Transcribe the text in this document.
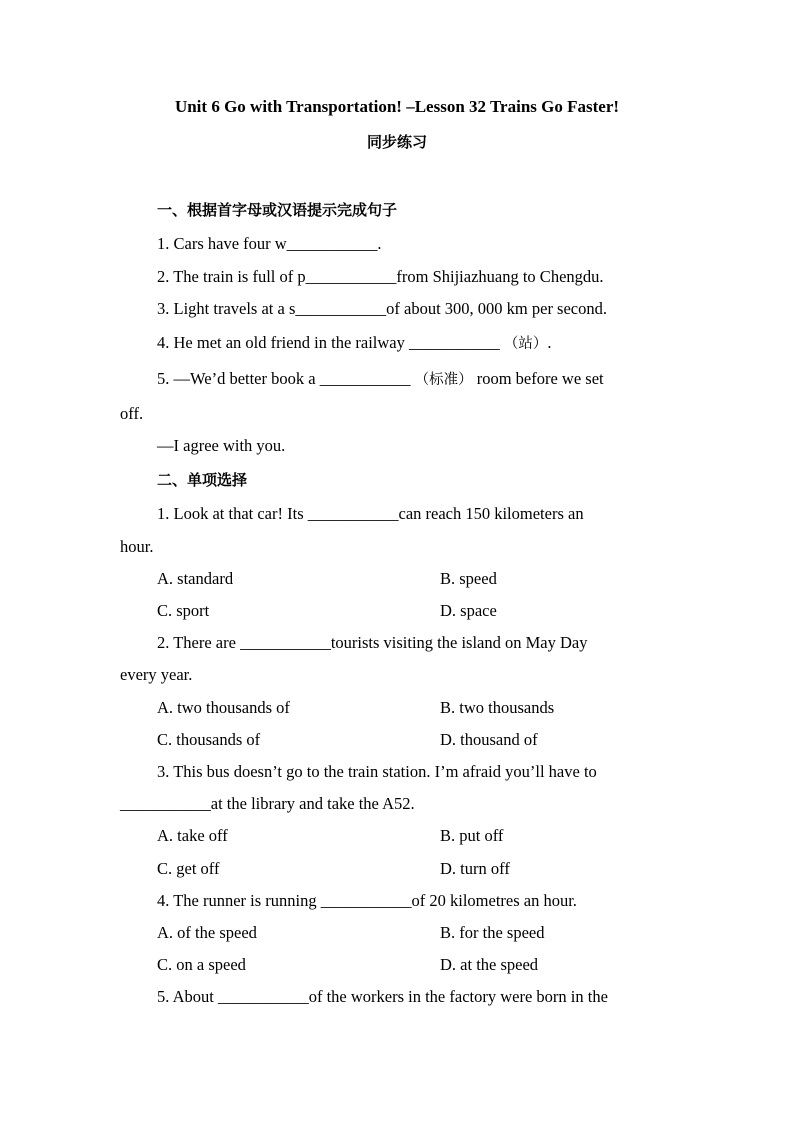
Unit 6 Go with Transportation! –Lesson 32 Trains Go Faster!
同步练习
一、根据首字母或汉语提示完成句子
1. Cars have four w___________.
2. The train is full of p___________from Shijiazhuang to Chengdu.
3. Light travels at a s___________of about 300, 000 km per second.
4. He met an old friend in the railway ___________ （站）.
5. —We’d better book a ___________ （标准） room before we set
off.
—I agree with you.
二、单项选择
1. Look at that car! Its ___________can reach 150 kilometers an
hour.
A. standard	B. speed
C. sport	D. space
2. There are ___________tourists visiting the island on May Day
every year.
A. two thousands of	B. two thousands
C. thousands of	D. thousand of
3. This bus doesn’t go to the train station. I’m afraid you’ll have to
___________at the library and take the A52.
A. take off	B. put off
C. get off	D. turn off
4. The runner is running ___________of 20 kilometres an hour.
A. of the speed	B. for the speed
C. on a speed	D. at the speed
5. About ___________of the workers in the factory were born in the
